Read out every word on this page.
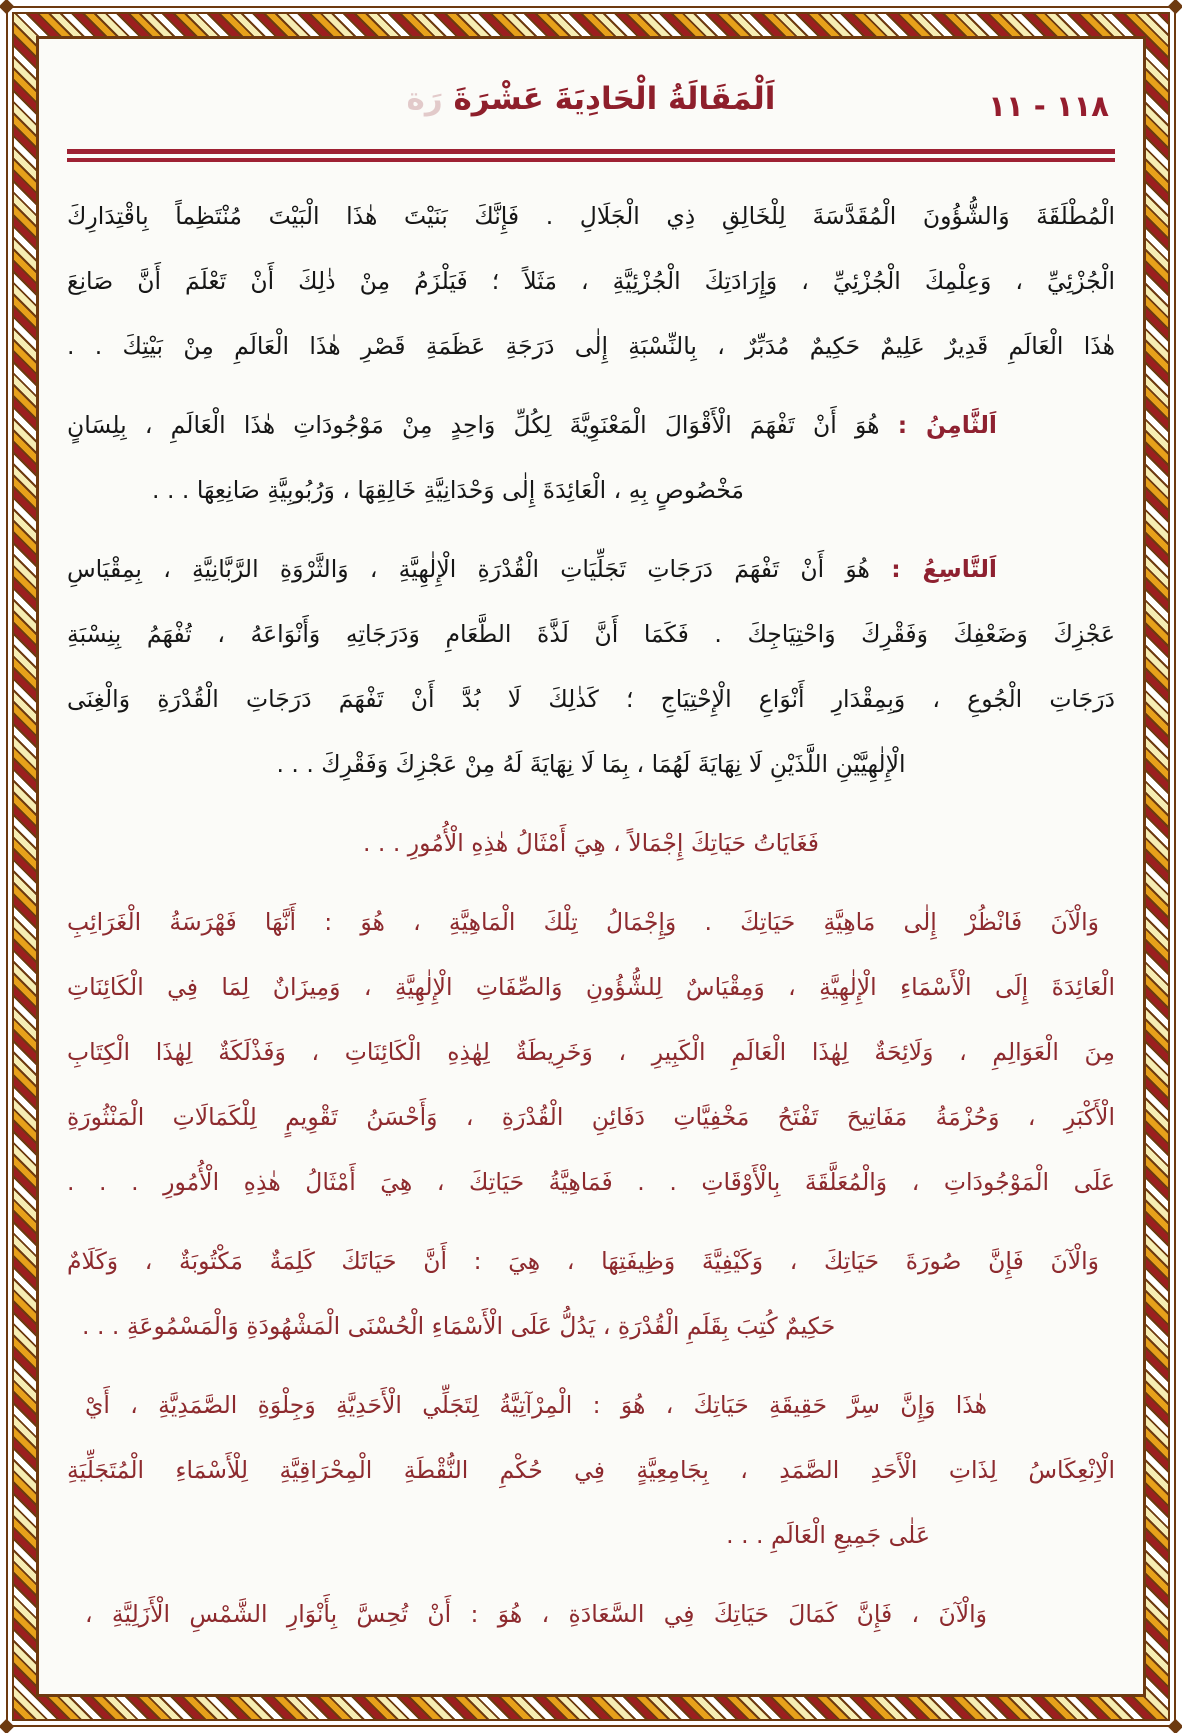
١١٨ - ١١
اَلْمَقَالَةُ الْحَادِيَةَ عَشْرَةَ رَة
الْمُطْلَقَةَ وَالشُّؤُونَ الْمُقَدَّسَةَ لِلْخَالِقِ ذِي الْجَلَالِ . فَإِنَّكَ بَنَيْتَ هٰذَا الْبَيْتَ مُنْتَظِماً بِاقْتِدَارِكَ
الْجُزْئِيِّ ، وَعِلْمِكَ الْجُزْئِيِّ ، وَإِرَادَتِكَ الْجُزْئِيَّةِ ، مَثَلاً ؛ فَيَلْزَمُ مِنْ ذٰلِكَ أَنْ تَعْلَمَ أَنَّ صَانِعَ
هٰذَا الْعَالَمِ قَدِيرٌ عَلِيمٌ حَكِيمٌ مُدَبِّرٌ ، بِالنِّسْبَةِ إِلٰى دَرَجَةِ عَظَمَةِ قَصْرِ هٰذَا الْعَالَمِ مِنْ بَيْتِكَ . .
اَلثَّامِنُ : هُوَ أَنْ تَفْهَمَ الْأَقْوَالَ الْمَعْنَوِيَّةَ لِكُلِّ وَاحِدٍ مِنْ مَوْجُودَاتِ هٰذَا الْعَالَمِ ، بِلِسَانٍ
مَخْصُوصٍ بِهِ ، الْعَائِدَةَ إِلٰى وَحْدَانِيَّةِ خَالِقِهَا ، وَرُبُوبِيَّةِ صَانِعِهَا . . .
اَلتَّاسِعُ : هُوَ أَنْ تَفْهَمَ دَرَجَاتِ تَجَلِّيَاتِ الْقُدْرَةِ الْإِلٰهِيَّةِ ، وَالثَّرْوَةِ الرَّبَّانِيَّةِ ، بِمِقْيَاسِ
عَجْزِكَ وَضَعْفِكَ وَفَقْرِكَ وَاحْتِيَاجِكَ . فَكَمَا أَنَّ لَذَّةَ الطَّعَامِ وَدَرَجَاتِهِ وَأَنْوَاعَهُ ، تُفْهَمُ بِنِسْبَةِ
دَرَجَاتِ الْجُوعِ ، وَبِمِقْدَارِ أَنْوَاعِ الْإِحْتِيَاجِ ؛ كَذٰلِكَ لَا بُدَّ أَنْ تَفْهَمَ دَرَجَاتِ الْقُدْرَةِ وَالْغِنَى
الْإِلٰهِيَّيْنِ اللَّذَيْنِ لَا نِهَايَةَ لَهُمَا ، بِمَا لَا نِهَايَةَ لَهُ مِنْ عَجْزِكَ وَفَقْرِكَ . . .
فَغَايَاتُ حَيَاتِكَ إِجْمَالاً ، هِيَ أَمْثَالُ هٰذِهِ الْأُمُورِ . . .
وَالْآنَ فَانْظُرْ إِلٰى مَاهِيَّةِ حَيَاتِكَ . وَإِجْمَالُ تِلْكَ الْمَاهِيَّةِ ، هُوَ : أَنَّهَا فَهْرَسَةُ الْغَرَائِبِ
الْعَائِدَةَ إِلَى الْأَسْمَاءِ الْإِلٰهِيَّةِ ، وَمِقْيَاسٌ لِلشُّؤُونِ وَالصِّفَاتِ الْإِلٰهِيَّةِ ، وَمِيزَانٌ لِمَا فِي الْكَائِنَاتِ
مِنَ الْعَوَالِمِ ، وَلَائِحَةٌ لِهٰذَا الْعَالَمِ الْكَبِيرِ ، وَخَرِيطَةٌ لِهٰذِهِ الْكَائِنَاتِ ، وَفَذْلَكَةٌ لِهٰذَا الْكِتَابِ
الْأَكْبَرِ ، وَحُزْمَةُ مَفَاتِيحَ تَفْتَحُ مَخْفِيَّاتِ دَفَائِنِ الْقُدْرَةِ ، وَأَحْسَنُ تَقْوِيمٍ لِلْكَمَالَاتِ الْمَنْثُورَةِ
عَلَى الْمَوْجُودَاتِ ، وَالْمُعَلَّقَةَ بِالْأَوْقَاتِ . . فَمَاهِيَّةُ حَيَاتِكَ ، هِيَ أَمْثَالُ هٰذِهِ الْأُمُورِ . . .
وَالْآنَ فَإِنَّ صُورَةَ حَيَاتِكَ ، وَكَيْفِيَّةَ وَظِيفَتِهَا ، هِيَ : أَنَّ حَيَاتَكَ كَلِمَةٌ مَكْتُوبَةٌ ، وَكَلَامٌ
حَكِيمٌ كُتِبَ بِقَلَمِ الْقُدْرَةِ ، يَدُلُّ عَلَى الْأَسْمَاءِ الْحُسْنَى الْمَشْهُودَةِ وَالْمَسْمُوعَةِ . . .
هٰذَا وَإِنَّ سِرَّ حَقِيقَةِ حَيَاتِكَ ، هُوَ : الْمِرْآتِيَّةُ لِتَجَلِّي الْأَحَدِيَّةِ وَجِلْوَةِ الصَّمَدِيَّةِ ، أَيْ
الْاِنْعِكَاسُ لِذَاتِ الْأَحَدِ الصَّمَدِ ، بِجَامِعِيَّةٍ فِي حُكْمِ النُّقْطَةِ الْمِحْرَاقِيَّةِ لِلْأَسْمَاءِ الْمُتَجَلِّيَةِ
عَلٰى جَمِيعِ الْعَالَمِ . . .
وَالْآنَ ، فَإِنَّ كَمَالَ حَيَاتِكَ فِي السَّعَادَةِ ، هُوَ : أَنْ تُحِسَّ بِأَنْوَارِ الشَّمْسِ الْأَزَلِيَّةِ ،
